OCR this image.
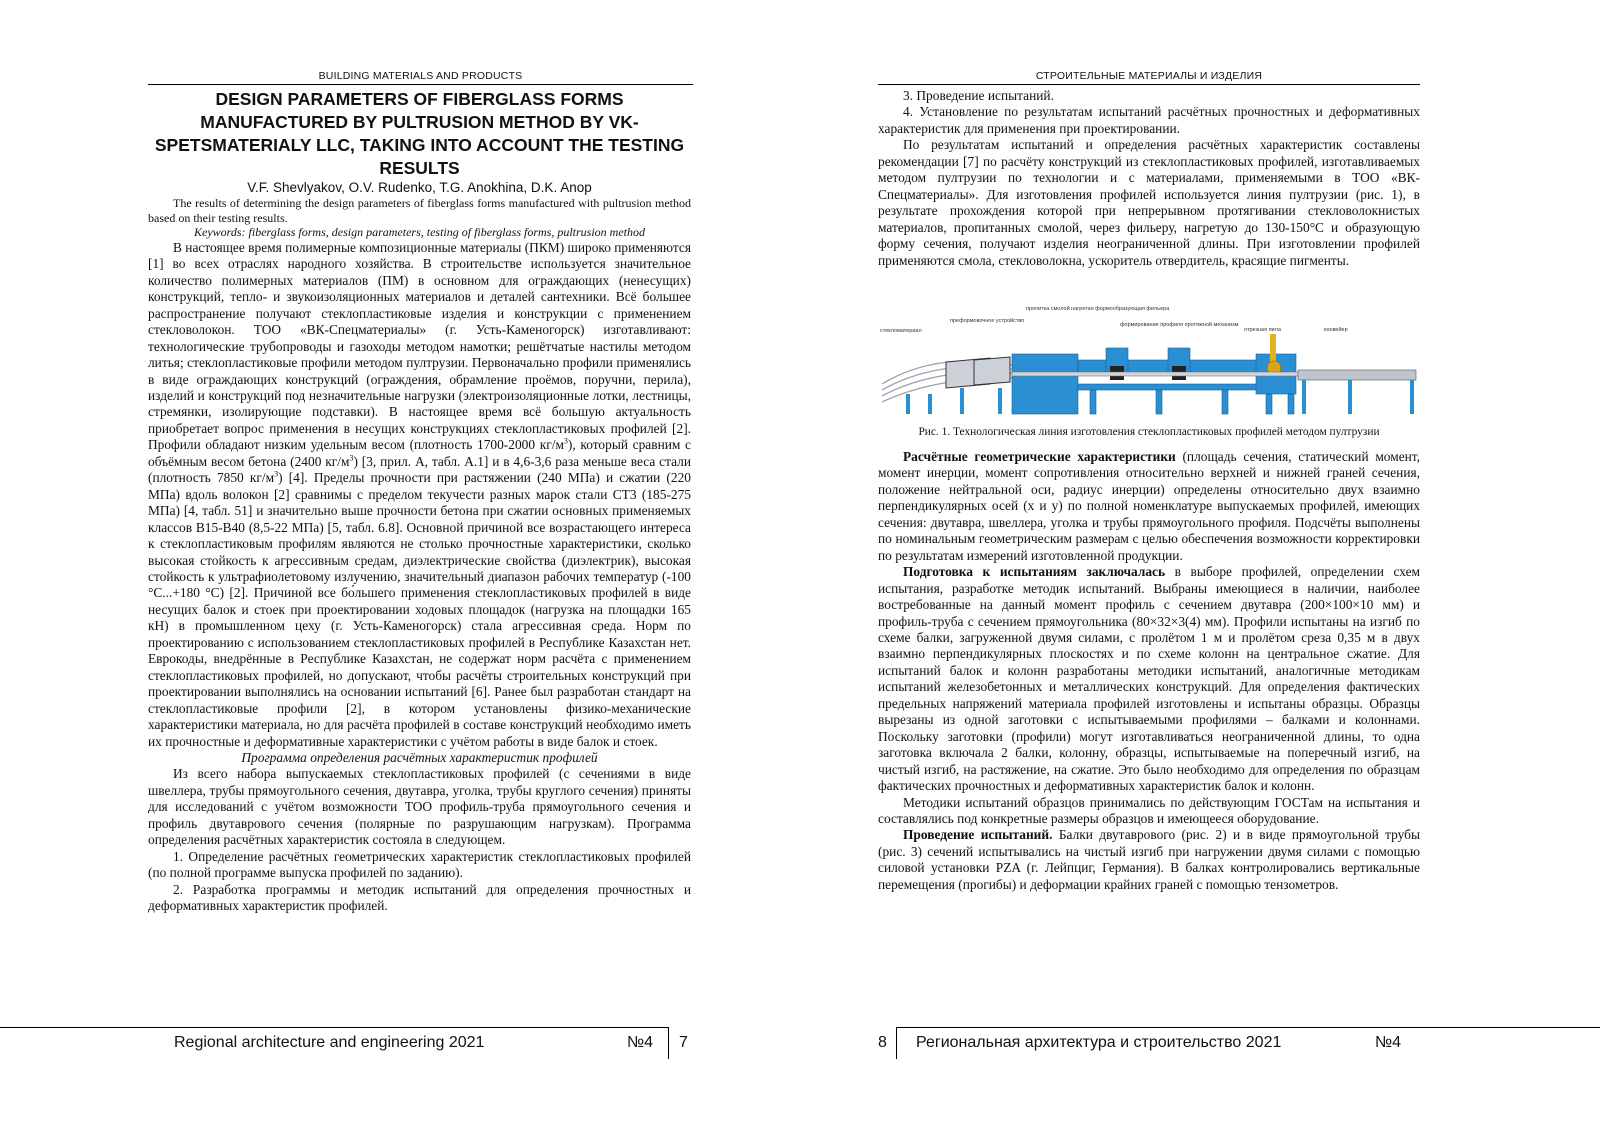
BUILDING MATERIALS AND PRODUCTS

DESIGN PARAMETERS OF FIBERGLASS FORMS MANUFACTURED BY PULTRUSION METHOD BY VK-SPETSMATERIALY LLC, TAKING INTO ACCOUNT THE TESTING RESULTS

V.F. Shevlyakov, O.V. Rudenko, T.G. Anokhina, D.K. Anop

The results of determining the design parameters of fiberglass forms manufactured with pultrusion method based on their testing results.

Keywords: fiberglass forms, design parameters, testing of fiberglass forms, pultrusion method

В настоящее время полимерные композиционные материалы (ПКМ) широко применяются [1] во всех отраслях народного хозяйства. В строительстве используется значительное количество полимерных материалов (ПМ) в основном для ограждающих (ненесущих) конструкций, тепло- и звукоизоляционных материалов и деталей сантехники. Всё большее распространение получают стеклопластиковые изделия и конструкции с применением стекловолокон. ТОО «ВК-Спецматериалы» (г. Усть-Каменогорск) изготавливают: технологические трубопроводы и газоходы методом намотки; решётчатые настилы методом литья; стеклопластиковые профили методом пултрузии. Первоначально профили применялись в виде ограждающих конструкций (ограждения, обрамление проёмов, поручни, перила), изделий и конструкций под незначительные нагрузки (электроизоляционные лотки, лестницы, стремянки, изолирующие подставки). В настоящее время всё большую актуальность приобретает вопрос применения в несущих конструкциях стеклопластиковых профилей [2]. Профили обладают низким удельным весом (плотность 1700-2000 $кг/м^3$), который сравним с объёмным весом бетона (2400 $кг/м^3$) [3, прил. А, табл. А.1] и в 4,6-3,6 раза меньше веса стали (плотность 7850 $кг/м^3$) [4]. Пределы прочности при растяжении (240 МПа) и сжатии (220 МПа) вдоль волокон [2] сравнимы с пределом текучести разных марок стали СТ3 (185-275 МПа) [4, табл. 51] и значительно выше прочности бетона при сжатии основных применяемых классов В15-В40 (8,5-22 МПа) [5, табл. 6.8]. Основной причиной все возрастающего интереса к стеклопластиковым профилям являются не столько прочностные характеристики, сколько высокая стойкость к агрессивным средам, диэлектрические свойства (диэлектрик), высокая стойкость к ультрафиолетовому излучению, значительный диапазон рабочих температур (-100 °С...+180 °С) [2]. Причиной все бо́льшего применения стеклопластиковых профилей в виде несущих балок и стоек при проектировании ходовых площадок (нагрузка на площадки 165 кН) в промышленном цеху (г. Усть-Каменогорск) стала агрессивная среда. Норм по проектированию с использованием стеклопластиковых профилей в Республике Казахстан нет. Еврокоды, внедрённые в Республике Казахстан, не содержат норм расчёта с применением стеклопластиковых профилей, но допускают, чтобы расчёты строительных конструкций при проектировании выполнялись на основании испытаний [6]. Ранее был разработан стандарт на стеклопластиковые профили [2], в котором установлены физико-механические характеристики материала, но для расчёта профилей в составе конструкций необходимо иметь их прочностные и деформативные характеристики с учётом работы в виде балок и стоек.

Программа определения расчётных характеристик профилей

Из всего набора выпускаемых стеклопластиковых профилей (с сечениями в виде швеллера, трубы прямоугольного сечения, двутавра, уголка, трубы круглого сечения) приняты для исследований с учётом возможности ТОО профиль-труба прямоугольного сечения и профиль двутаврового сечения (полярные по разрушающим нагрузкам). Программа определения расчётных характеристик состояла в следующем.

1. Определение расчётных геометрических характеристик стеклопластиковых профилей (по полной программе выпуска профилей по заданию).

2. Разработка программы и методик испытаний для определения прочностных и деформативных характеристик профилей.

Regional architecture and engineering 2021	№4 7
СТРОИТЕЛЬНЫЕ МАТЕРИАЛЫ И ИЗДЕЛИЯ

3. Проведение испытаний.

4. Установление по результатам испытаний расчётных прочностных и деформативных характеристик для применения при проектировании.

По результатам испытаний и определения расчётных характеристик составлены рекомендации [7] по расчёту конструкций из стеклопластиковых профилей, изготавливаемых методом пултрузии по технологии и с материалами, применяемыми в ТОО «ВК-Спецматериалы». Для изготовления профилей используется линия пултрузии (рис. 1), в результате прохождения которой при непрерывном протягивании стекловолокнистых материалов, пропитанных смолой, через фильеру, нагретую до 130-150°С и образующую форму сечения, получают изделия неограниченной длины. При изготовлении профилей применяются смола, стекловолокна, ускоритель отвердитель, красящие пигменты.

Расчётные геометрические характеристики (площадь сечения, статический момент, момент инерции, момент сопротивления относительно верхней и нижней граней сечения, положение нейтральной оси, радиус инерции) определены относительно двух взаимно перпендикулярных осей (x и y) по полной номенклатуре выпускаемых профилей, имеющих сечения: двутавра, швеллера, уголка и трубы прямоугольного профиля. Подсчёты выполнены по номинальным геометрическим размерам с целью обеспечения возможности корректировки по результатам измерений изготовленной продукции.

Подготовка к испытаниям заключалась в выборе профилей, определении схем испытания, разработке методик испытаний. Выбраны имеющиеся в наличии, наиболее востребованные на данный момент профиль с сечением двутавра (200×100×10 мм) и профиль-труба с сечением прямоугольника (80×32×3(4) мм). Профили испытаны на изгиб по схеме балки, загруженной двумя силами, с пролётом 1 м и пролётом среза 0,35 м в двух взаимно перпендикулярных плоскостях и по схеме колонн на центральное сжатие. Для испытаний балок и колонн разработаны методики испытаний, аналогичные методикам испытаний железобетонных и металлических конструкций. Для определения фактических предельных напряжений материала профилей изготовлены и испытаны образцы. Образцы вырезаны из одной заготовки с испытываемыми профилями – балками и колоннами. Поскольку заготовки (профили) могут изготавливаться неограниченной длины, то одна заготовка включала 2 балки, колонну, образцы, испытываемые на поперечный изгиб, на чистый изгиб, на растяжение, на сжатие. Это было необходимо для определения по образцам фактических прочностных и деформативных характеристик балок и колонн.

Методики испытаний образцов принимались по действующим ГОСТам на испытания и составлялись под конкретные размеры образцов и имеющееся оборудование.

Проведение испытаний. Балки двутаврового (рис. 2) и в виде прямоугольной трубы (рис. 3) сечений испытывались на чистый изгиб при нагружении двумя силами с помощью силовой установки PZA (г. Лейпциг, Германия). В балках контролировались вертикальные перемещения (прогибы) и деформации крайних граней с помощью тензометров.

8 Региональная архитектура и строительство 2021	№4
стекломатериал
преформовочное устройство
пропитка смолой нагретая формообразующая фильера
формирование профиля протяжной механизм
отрезная пила	конвейер
Рис. 1. Технологическая линия изготовления стеклопластиковых профилей методом пултрузии
